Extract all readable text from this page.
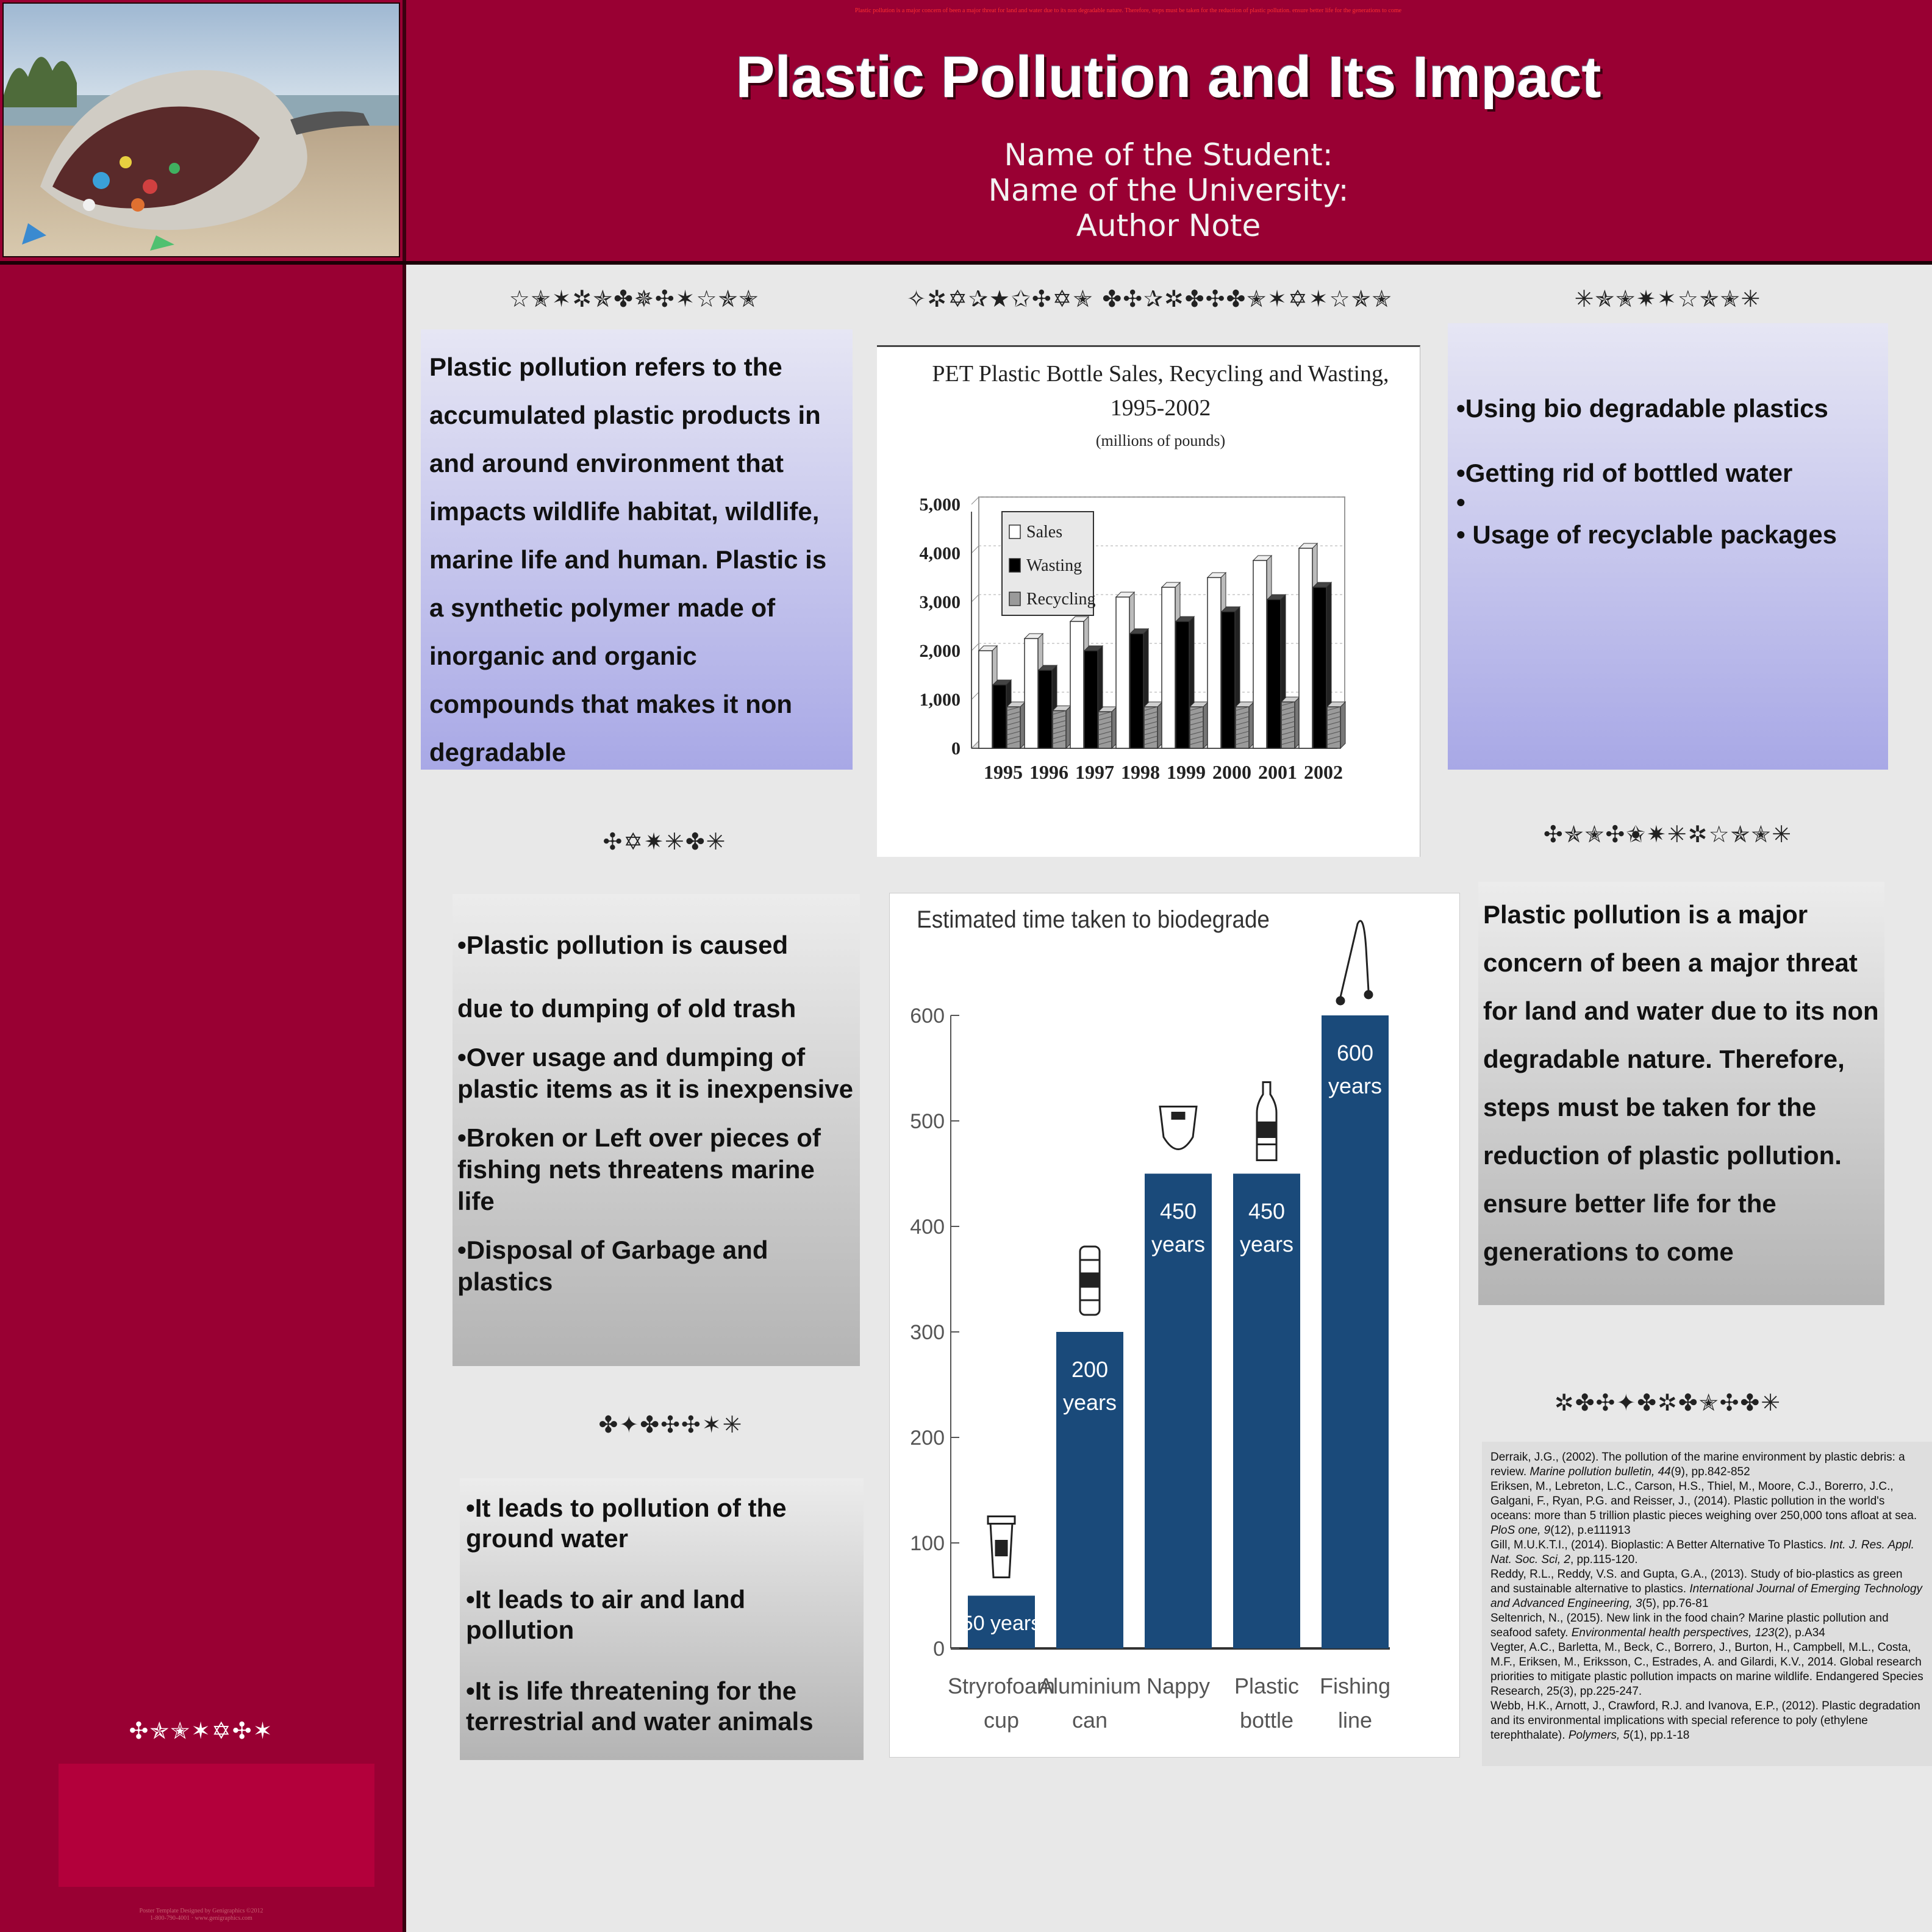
Plastic pollution is a major concern of been a major threat for land and water due to its non degradable nature. Therefore, steps must be taken for the reduction of plastic pollution. ensure better life for the generations to come
Plastic Pollution and Its Impact
Name of the Student:
Name of the University:
Author Note
☆✭✶✲✯✤✵✣✶☆✯✭	✧✲✡✰★✩✣✡✭ ✤✣✰✲✤✣✤✭✶✡✶☆✯✭	✳✯✭✷✶☆✯✭✳
✣✡✷✳✤✳	✣✯✭✣✬✷✳✲☆✯✭✳
✤✦✤✣✣✶✳
✲✤✣✦✤✲✤✭✣✤✳
✣✯✭✶✡✣✶

Plastic pollution refers to the accumulated plastic products in and around environment that impacts wildlife habitat, wildlife, marine life and human. Plastic is a synthetic polymer made of inorganic and organic compounds that makes it non degradable

•Using bio degradable plastics

•Getting rid of bottled water

•

• Usage of recyclable packages

•Plastic pollution is caused

due to dumping of old trash

•Over usage and dumping of plastic items as it is inexpensive

•Broken or Left over pieces of fishing nets threatens marine life

•Disposal of Garbage and plastics

•It leads to pollution of the ground water

•It leads to air and land pollution

•It is life threatening for the terrestrial and water animals

Plastic pollution is a major concern of been a major threat for land and water due to its non degradable nature. Therefore, steps must be taken for the reduction of plastic pollution. ensure better life for the generations to come

Derraik, J.G., (2002). The pollution of the marine environment by plastic debris: a review. Marine pollution bulletin, 44(9), pp.842-852

Eriksen, M., Lebreton, L.C., Carson, H.S., Thiel, M., Moore, C.J., Borerro, J.C., Galgani, F., Ryan, P.G. and Reisser, J., (2014). Plastic pollution in the world's oceans: more than 5 trillion plastic pieces weighing over 250,000 tons afloat at sea. PloS one, 9(12), p.e111913

Gill, M.U.K.T.I., (2014). Bioplastic: A Better Alternative To Plastics. Int. J. Res. Appl. Nat. Soc. Sci, 2, pp.115-120.

Reddy, R.L., Reddy, V.S. and Gupta, G.A., (2013). Study of bio-plastics as green and sustainable alternative to plastics. International Journal of Emerging Technology and Advanced Engineering, 3(5), pp.76-81

Seltenrich, N., (2015). New link in the food chain? Marine plastic pollution and seafood safety. Environmental health perspectives, 123(2), p.A34

Vegter, A.C., Barletta, M., Beck, C., Borrero, J., Burton, H., Campbell, M.L., Costa, M.F., Eriksen, M., Eriksson, C., Estrades, A. and Gilardi, K.V., 2014. Global research priorities to mitigate plastic pollution impacts on marine wildlife. Endangered Species Research, 25(3), pp.225-247.

Webb, H.K., Arnott, J., Crawford, R.J. and Ivanova, E.P., (2012). Plastic degradation and its environmental implications with special reference to poly (ethylene terephthalate). Polymers, 5(1), pp.1-18

Poster Template Designed by Genigraphics ©2012
1-800-790-4001 · www.genigraphics.com
PET Plastic Bottle Sales, Recycling and Wasting,
1995-2002
(millions of pounds)
5,000
4,000
3,000
2,000
1,000
0
1995 1996 1997 1998 1999 2000 2001 2002
Sales
Wasting
Recycling
Estimated time taken to biodegrade
0
100
200
300
400
500
600
50 years
Stryrofoam
cup
200
years
Aluminium
can
450
years
Nappy
450
years
Plastic
bottle
600
years
Fishing
line
